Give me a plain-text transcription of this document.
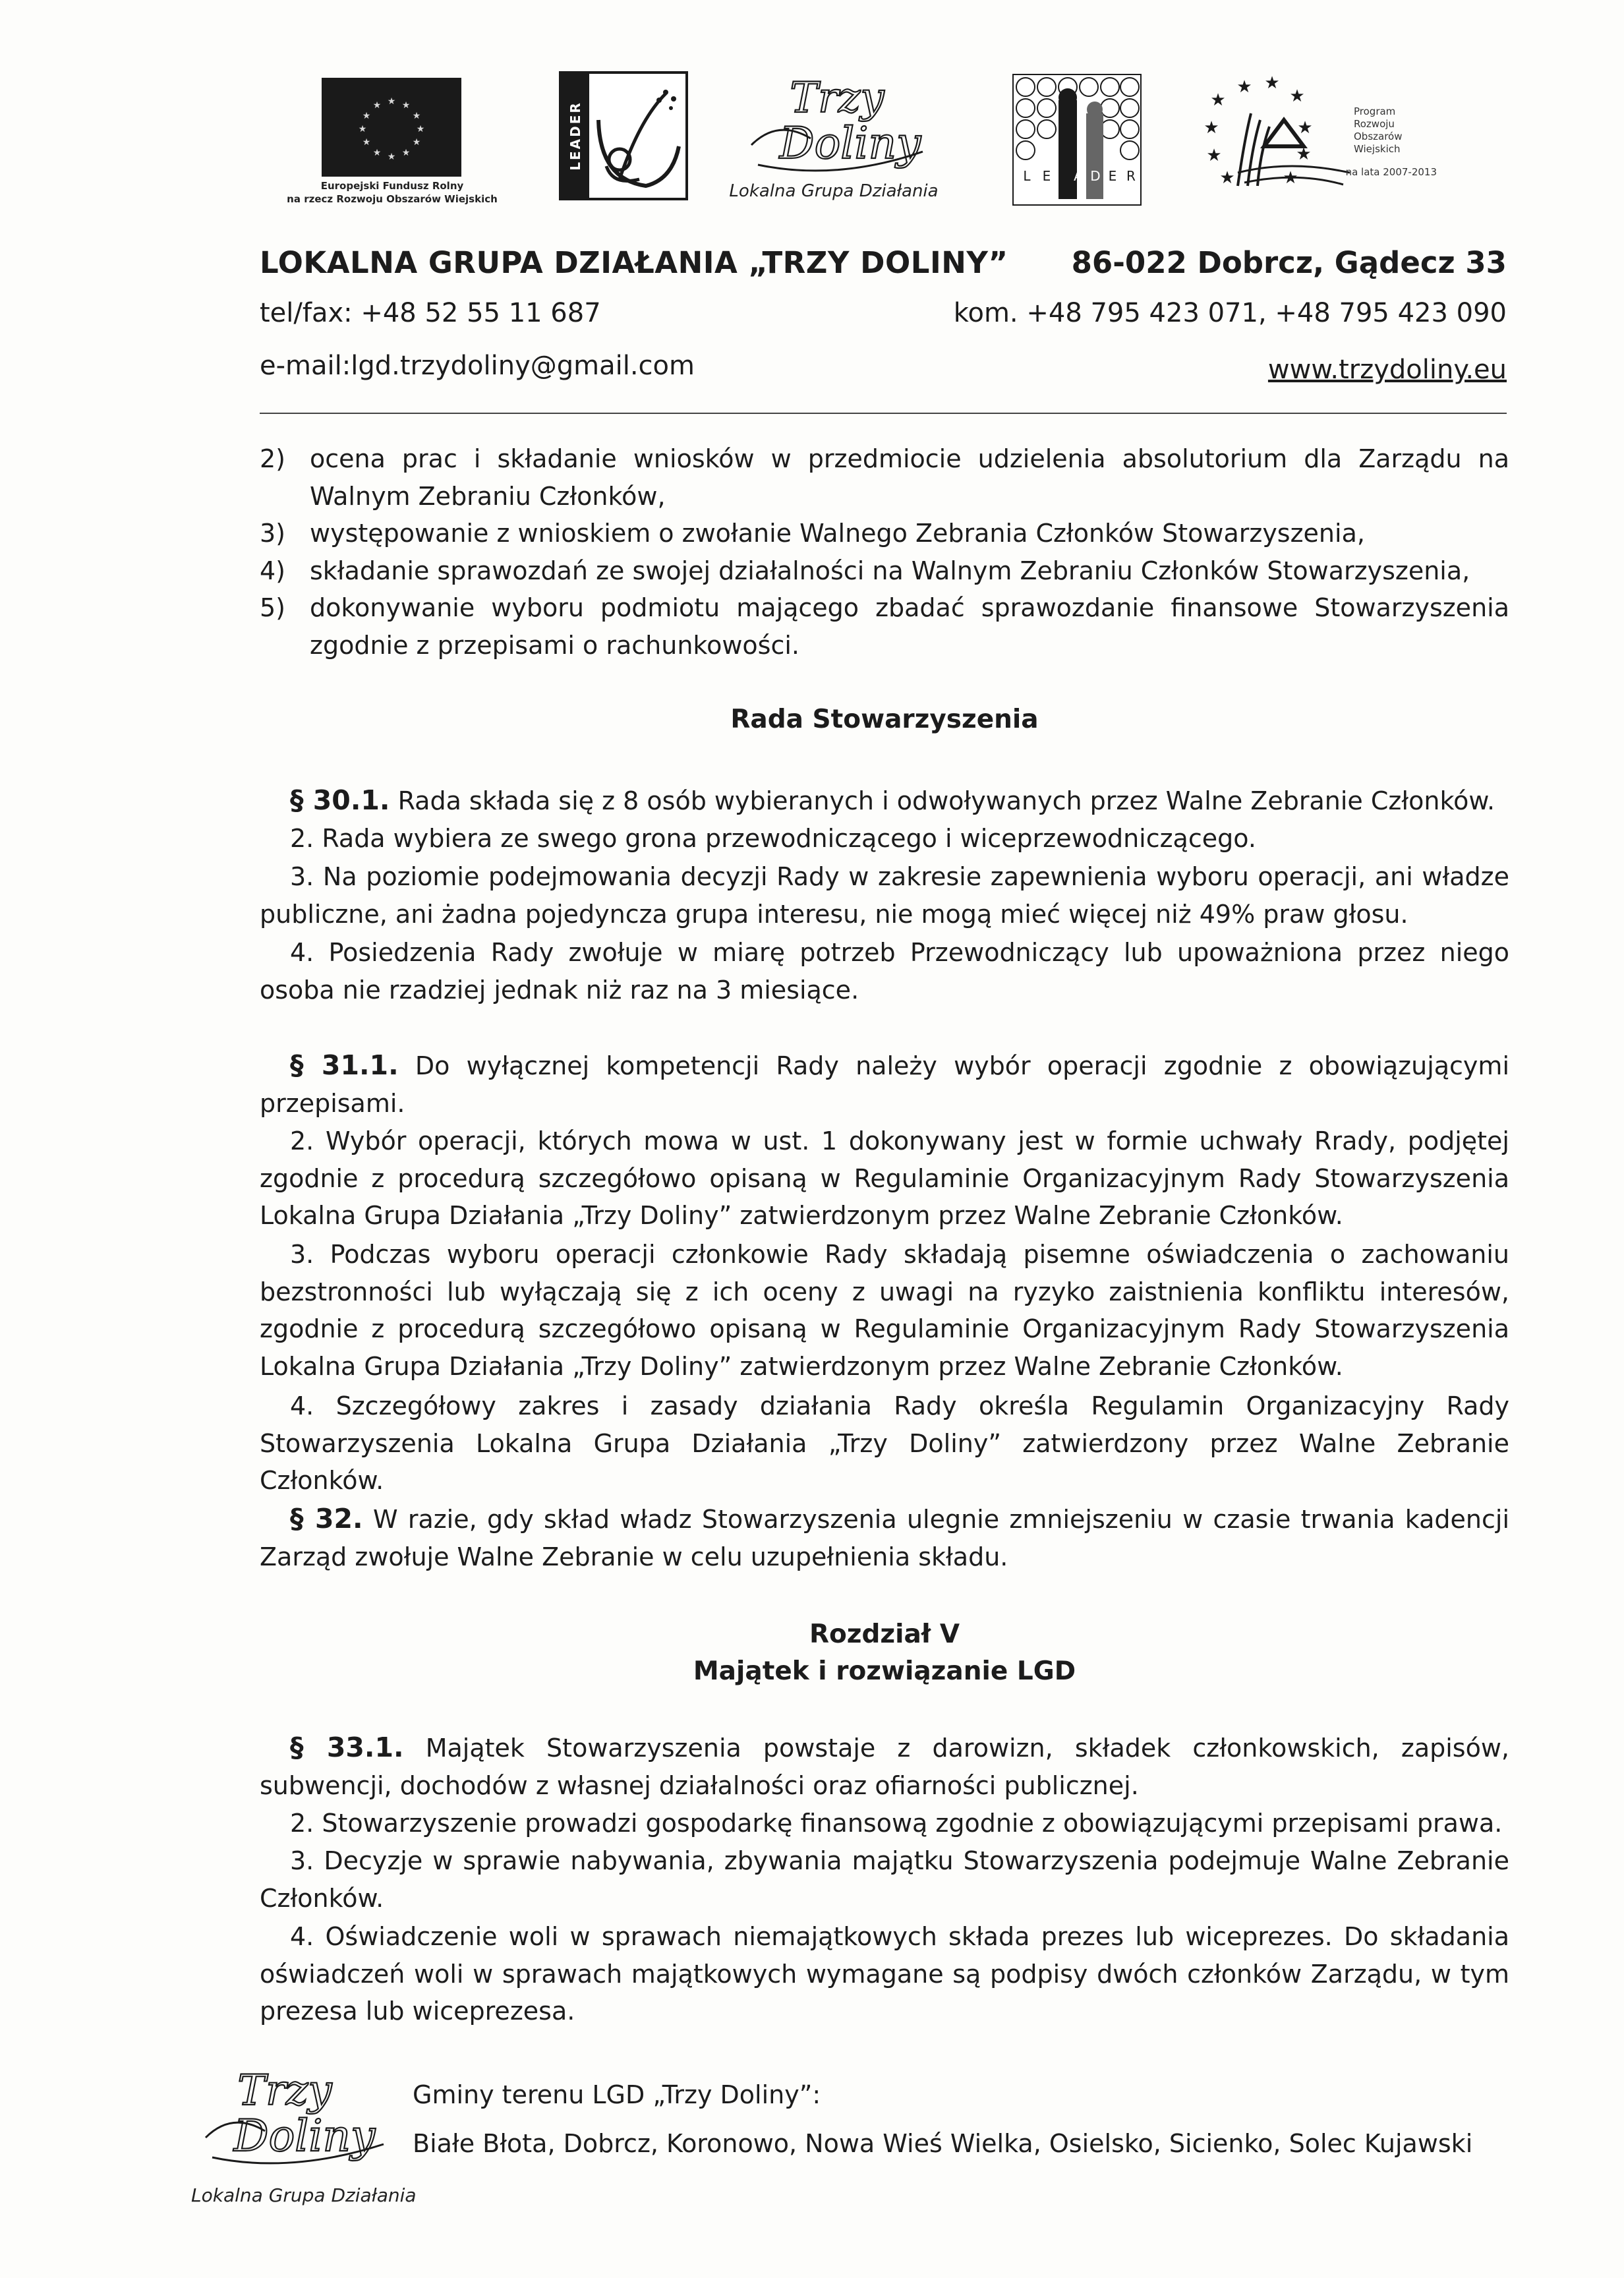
★ ★
★
★
★
★
★
★
★
★
★
★
Europejski Fundusz Rolny
na rzecz Rozwoju Obszarów Wiejskich
LEADER
Trzy
Doliny
Lokalna Grupa Działania
L E A D E R
★
★ ★
★
★	★
★	★
★	★
Program
Rozwoju
Obszarów
Wiejskich
na lata 2007-2013
LOKALNA GRUPA DZIAŁANIA „TRZY DOLINY” 86-022 Dobrcz, Gądecz 33
tel/fax: +48 52 55 11 687	kom. +48 795 423 071, +48 795 423 090
e-mail:lgd.trzydoliny@gmail.com	www.trzydoliny.eu
2) ocena prac i składanie wniosków w przedmiocie udzielenia absolutorium dla Zarządu na Walnym Zebraniu Członków,
3) występowanie z wnioskiem o zwołanie Walnego Zebrania Członków Stowarzyszenia,
4) składanie sprawozdań ze swojej działalności na Walnym Zebraniu Członków Stowarzyszenia,
5) dokonywanie wyboru podmiotu mającego zbadać sprawozdanie finansowe Stowarzyszenia zgodnie z przepisami o rachunkowości.
Rada Stowarzyszenia

§ 30.1. Rada składa się z 8 osób wybieranych i odwoływanych przez Walne Zebranie Członków.

2. Rada wybiera ze swego grona przewodniczącego i wiceprzewodniczącego.

3. Na poziomie podejmowania decyzji Rady w zakresie zapewnienia wyboru operacji, ani władze publiczne, ani żadna pojedyncza grupa interesu, nie mogą mieć więcej niż 49% praw głosu.

4. Posiedzenia Rady zwołuje w miarę potrzeb Przewodniczący lub upoważniona przez niego osoba nie rzadziej jednak niż raz na 3 miesiące.

§ 31.1. Do wyłącznej kompetencji Rady należy wybór operacji zgodnie z obowiązującymi przepisami.

2. Wybór operacji, których mowa w ust. 1 dokonywany jest w formie uchwały Rrady, podjętej zgodnie z procedurą szczegółowo opisaną w Regulaminie Organizacyjnym Rady Stowarzyszenia Lokalna Grupa Działania „Trzy Doliny” zatwierdzonym przez Walne Zebranie Członków.

3. Podczas wyboru operacji członkowie Rady składają pisemne oświadczenia o zachowaniu bezstronności lub wyłączają się z ich oceny z uwagi na ryzyko zaistnienia konfliktu interesów, zgodnie z procedurą szczegółowo opisaną w Regulaminie Organizacyjnym Rady Stowarzyszenia Lokalna Grupa Działania „Trzy Doliny” zatwierdzonym przez Walne Zebranie Członków.

4. Szczegółowy zakres i zasady działania Rady określa Regulamin Organizacyjny Rady Stowarzyszenia Lokalna Grupa Działania „Trzy Doliny” zatwierdzony przez Walne Zebranie Członków.

§ 32. W razie, gdy skład władz Stowarzyszenia ulegnie zmniejszeniu w czasie trwania kadencji Zarząd zwołuje Walne Zebranie w celu uzupełnienia składu.

Rozdział V
Majątek i rozwiązanie LGD

§ 33.1. Majątek Stowarzyszenia powstaje z darowizn, składek członkowskich, zapisów, subwencji, dochodów z własnej działalności oraz ofiarności publicznej.

2. Stowarzyszenie prowadzi gospodarkę finansową zgodnie z obowiązującymi przepisami prawa.

3. Decyzje w sprawie nabywania, zbywania majątku Stowarzyszenia podejmuje Walne Zebranie Członków.

4. Oświadczenie woli w sprawach niemajątkowych składa prezes lub wiceprezes. Do składania oświadczeń woli w sprawach majątkowych wymagane są podpisy dwóch członków Zarządu, w tym prezesa lub wiceprezesa.

Trzy
Doliny
Lokalna Grupa Działania
Gminy terenu LGD „Trzy Doliny”:
Białe Błota, Dobrcz, Koronowo, Nowa Wieś Wielka, Osielsko, Sicienko, Solec Kujawski
